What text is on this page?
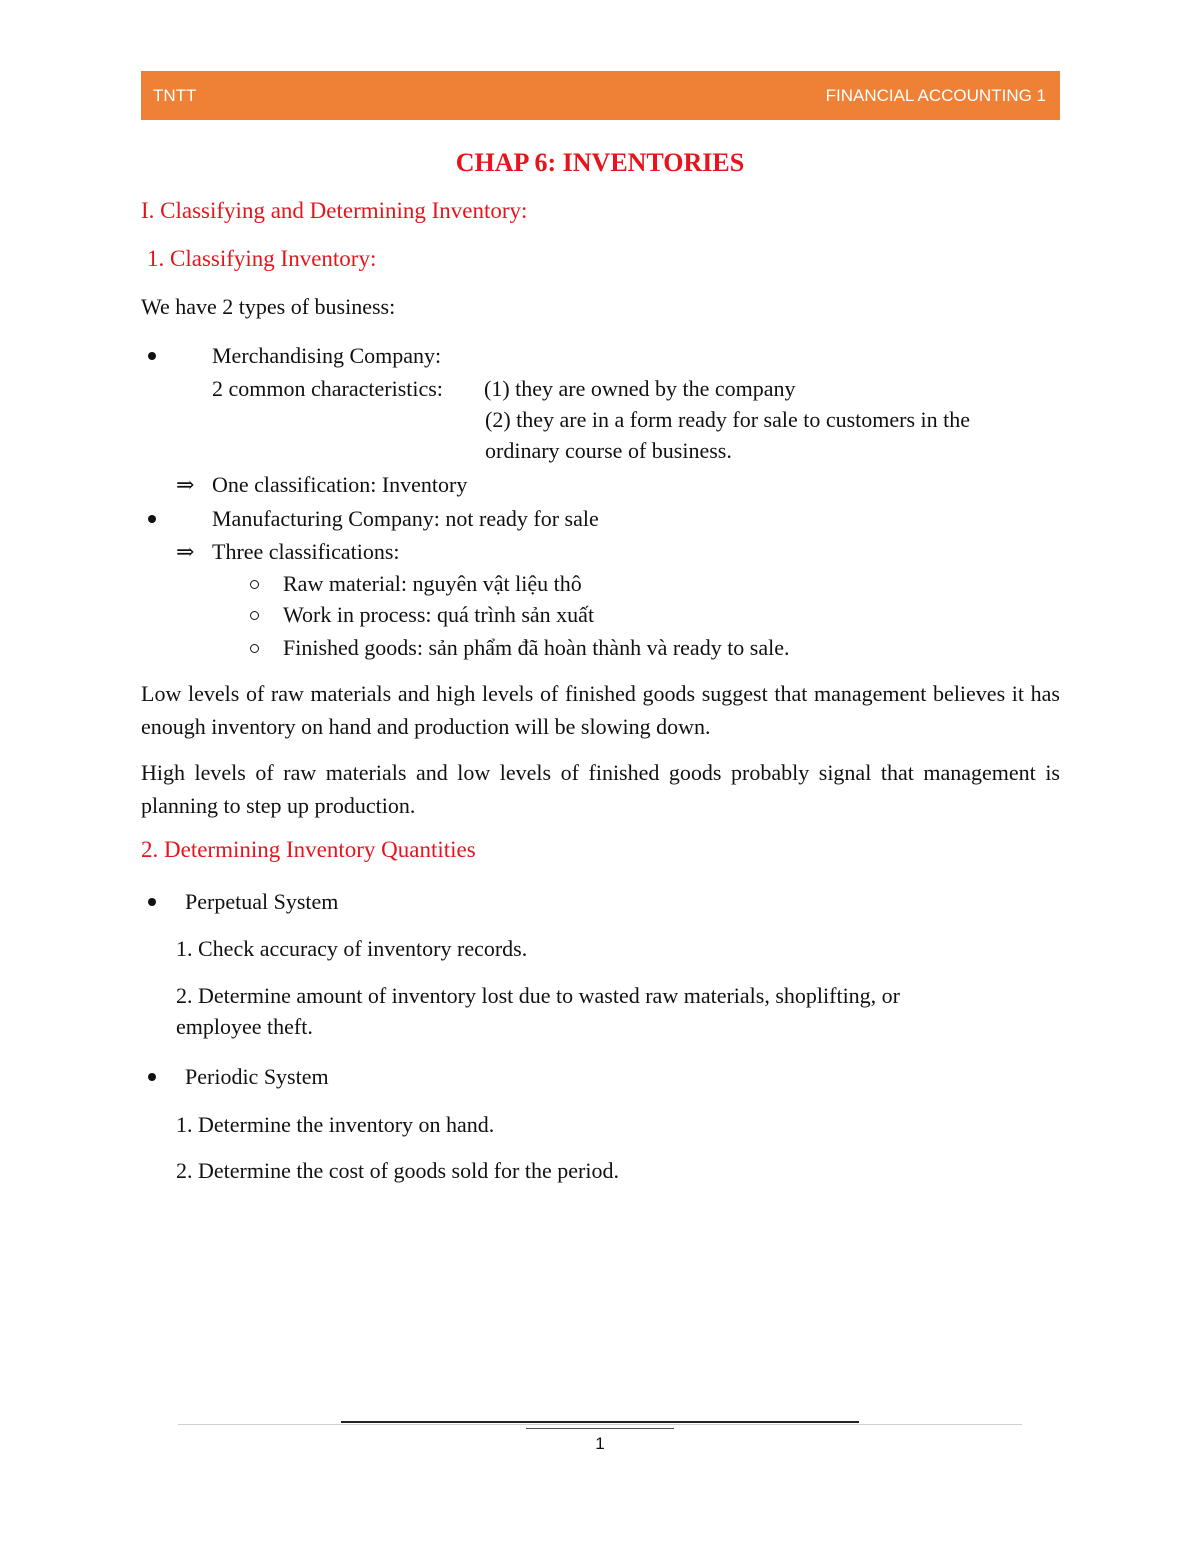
TNTT	FINANCIAL ACCOUNTING 1
CHAP 6: INVENTORIES
I. Classifying and Determining Inventory:
1. Classifying Inventory:
We have 2 types of business:
Merchandising Company:
2 common characteristics: (1) they are owned by the company
(2) they are in a form ready for sale to customers in the
ordinary course of business.
⇒ One classification: Inventory
Manufacturing Company: not ready for sale
⇒ Three classifications:
Raw material: nguyên vật liệu thô
Work in process: quá trình sản xuất
Finished goods: sản phẩm đã hoàn thành và ready to sale.
Low levels of raw materials and high levels of finished goods suggest that management believes it has enough inventory on hand and production will be slowing down.
High levels of raw materials and low levels of finished goods probably signal that management is planning to step up production.
2. Determining Inventory Quantities
Perpetual System
1. Check accuracy of inventory records.
2. Determine amount of inventory lost due to wasted raw materials, shoplifting, or
employee theft.
Periodic System
1. Determine the inventory on hand.
2. Determine the cost of goods sold for the period.
1
